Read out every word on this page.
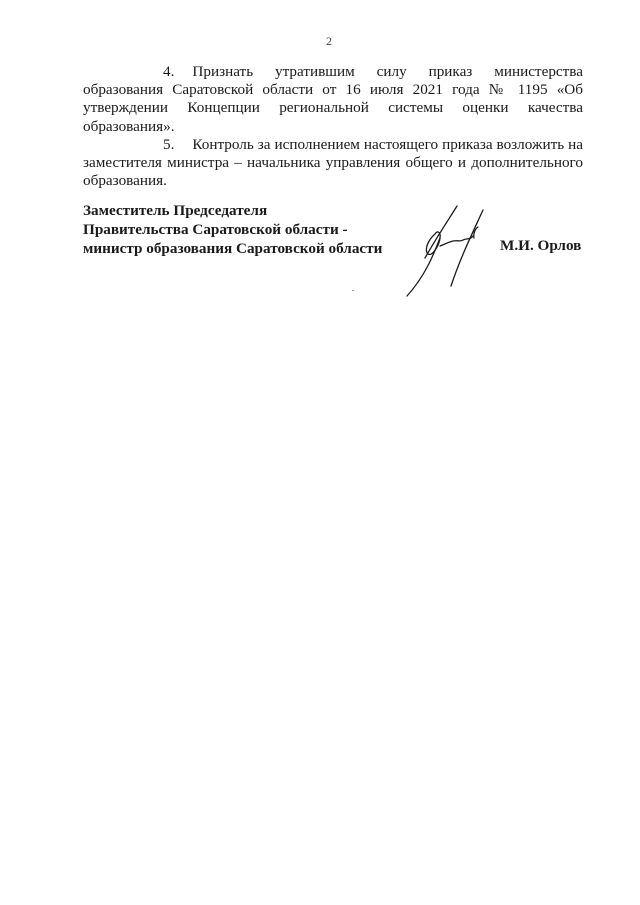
2

4. Признать утратившим силу приказ министерства образования Саратовской области от 16 июля 2021 года № 1195 «Об утверждении Концепции региональной системы оценки качества образования».

5. Контроль за исполнением настоящего приказа возложить на заместителя министра – начальника управления общего и дополнительного образования.

Заместитель Председателя
Правительства Саратовской области -
министр образования Саратовской области	М.И. Орлов
